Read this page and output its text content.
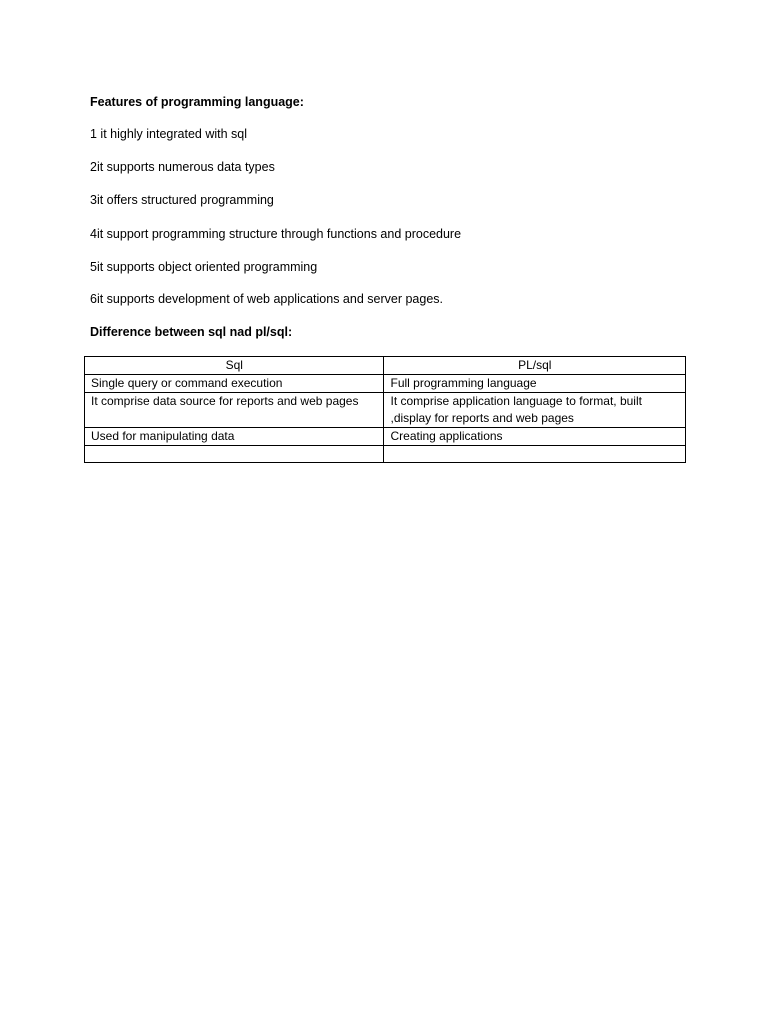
Features of programming language:
1 it highly integrated with sql
2it supports numerous data types
3it offers structured programming
4it support programming structure through functions and procedure
5it supports object oriented programming
6it supports development of web applications and server pages.
Difference between sql nad pl/sql:
Sql	PL/sql
Single query or command execution	Full programming language
It comprise data source for reports and web pages	It comprise application language to format, built ,display for reports and web pages
Used for manipulating data	Creating applications
